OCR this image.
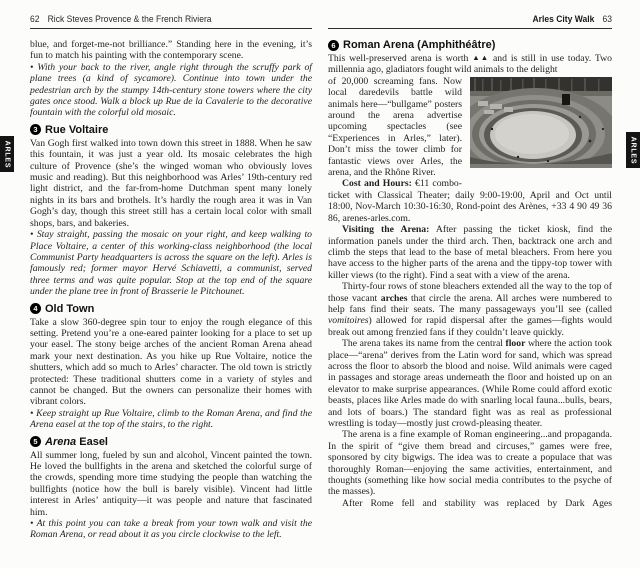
ARLES	ARLES
62 Rick Steves Provence & the French Riviera

blue, and forget-me-not brilliance.” Standing here in the evening, it’s fun to match his painting with the contemporary scene.

• With your back to the river, angle right through the scruffy park of plane trees (a kind of sycamore). Continue into town under the pedestrian arch by the stumpy 14th-century stone towers where the city gates once stood. Walk a block up Rue de la Cavalerie to the decorative fountain with the colorful old mosaic.

3 Rue Voltaire

Van Gogh first walked into town down this street in 1888. When he saw this fountain, it was just a year old. Its mosaic celebrates the high culture of Provence (she’s the winged woman who obviously loves music and reading). But this neighborhood was Arles’ 19th-century red light district, and the far-from-home Dutchman spent many lonely nights in its bars and brothels. It’s hardly the rough area it was in Van Gogh’s day, though this street still has a certain local color with small shops, bars, and bakeries.

• Stay straight, passing the mosaic on your right, and keep walking to Place Voltaire, a center of this working-class neighborhood (the local Communist Party headquarters is across the square on the left). Arles is famously red; former mayor Hervé Schiavetti, a communist, served three terms and was quite popular. Stop at the top end of the square under the plane tree in front of Brasserie le Pitchounet.

4 Old Town

Take a slow 360-degree spin tour to enjoy the rough elegance of this setting. Pretend you’re a one-eared painter looking for a place to set up your easel. The stony beige arches of the ancient Roman Arena ahead mark your next destination. As you hike up Rue Voltaire, notice the shutters, which add so much to Arles’ character. The old town is strictly protected: These traditional shutters come in a variety of styles and cannot be changed. But the owners can personalize their homes with vibrant colors.

• Keep straight up Rue Voltaire, climb to the Roman Arena, and find the Arena easel at the top of the stairs, to the right.

5 Arena Easel

All summer long, fueled by sun and alcohol, Vincent painted the town. He loved the bullfights in the arena and sketched the colorful surge of the crowds, spending more time studying the people than watching the bullfights (notice how the bull is barely visible). Vincent had little interest in Arles’ antiquity—it was people and nature that fascinated him.

• At this point you can take a break from your town walk and visit the Roman Arena, or read about it as you circle clockwise to the left.

Arles City Walk 63
6 Roman Arena (Amphithéâtre)

This well-preserved arena is worth ▲▲ and is still in use today. Two millennia ago, gladiators fought wild animals to the delight

of 20,000 screaming fans. Now local daredevils battle wild animals here—“bullgame” posters around the arena advertise upcoming spectacles (see “Experiences in Arles,” later). Don’t miss the tower climb for fantastic views over Arles, the arena, and the Rhône River.

Cost and Hours: €11 combo-ticket with Classical Theater; daily 9:00-19:00, April and Oct until 18:00, Nov-March 10:30-16:30, Rond-point des Arènes, +33 4 90 49 36 86, arenes-arles.com.

Visiting the Arena: After passing the ticket kiosk, find the information panels under the third arch. Then, backtrack one arch and climb the steps that lead to the base of metal bleachers. From here you have access to the higher parts of the arena and the tippy-top tower with killer views (to the right). Find a seat with a view of the arena.

Thirty-four rows of stone bleachers extended all the way to the top of those vacant arches that circle the arena. All arches were numbered to help fans find their seats. The many passageways you’ll see (called vomitoires) allowed for rapid dispersal after the games—fights would break out among frenzied fans if they couldn’t leave quickly.

The arena takes its name from the central floor where the action took place—“arena” derives from the Latin word for sand, which was spread across the floor to absorb the blood and noise. Wild animals were caged in passages and storage areas underneath the floor and hoisted up on an elevator to make surprise appearances. (While Rome could afford exotic beasts, places like Arles made do with snarling local fauna...bulls, bears, and lots of boars.) The standard fight was as real as professional wrestling is today—mostly just crowd-pleasing theater.

The arena is a fine example of Roman engineering...and propaganda. In the spirit of “give them bread and circuses,” games were free, sponsored by city bigwigs. The idea was to create a populace that was thoroughly Roman—enjoying the same activities, entertainment, and thoughts (something like how social media contributes to the psyche of the masses).

After Rome fell and stability was replaced by Dark Ages
